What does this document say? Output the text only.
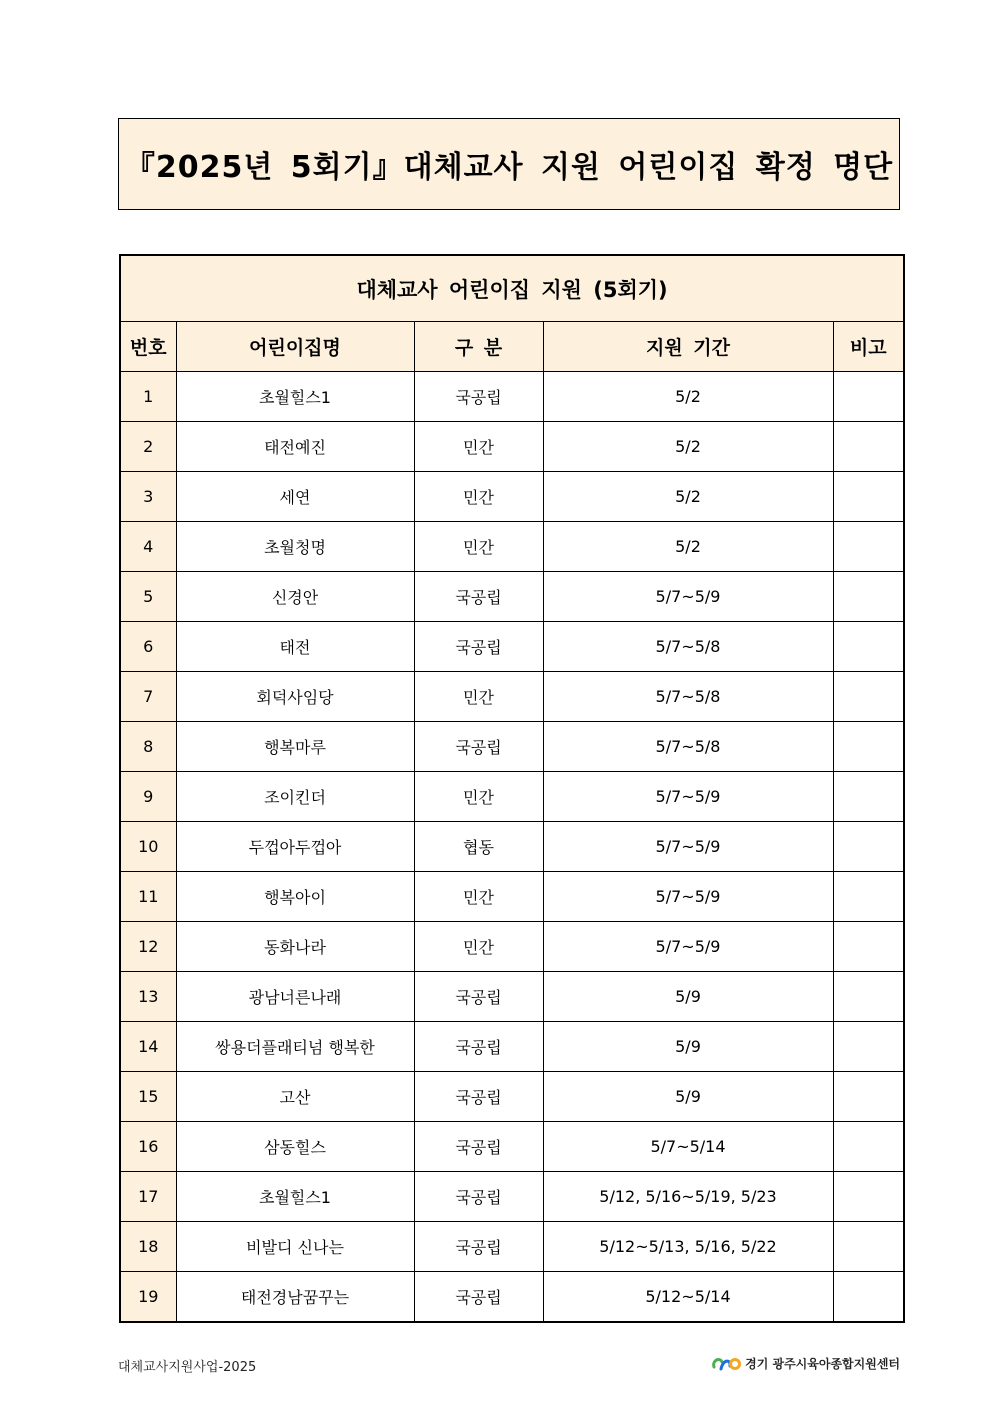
『2025년 5회기』대체교사 지원 어린이집 확정 명단
대체교사 어린이집 지원 (5회기)				
번호	어린이집명	구 분	지원 기간	비고
1	초월힐스1	국공립	5/2	
2	태전예진	민간	5/2	
3	세연	민간	5/2	
4	초월청명	민간	5/2	
5	신경안	국공립	5/7~5/9	
6	태전	국공립	5/7~5/8	
7	회덕사임당	민간	5/7~5/8	
8	행복마루	국공립	5/7~5/8	
9	조이킨더	민간	5/7~5/9	
10	두껍아두껍아	협동	5/7~5/9	
11	행복아이	민간	5/7~5/9	
12	동화나라	민간	5/7~5/9	
13	광남너른나래	국공립	5/9	
14	쌍용더플래티넘 행복한	국공립	5/9	
15	고산	국공립	5/9	
16	삼동힐스	국공립	5/7~5/14	
17	초월힐스1	국공립	5/12, 5/16~5/19, 5/23	
18	비발디 신나는	국공립	5/12~5/13, 5/16, 5/22	
19	태전경남꿈꾸는	국공립	5/12~5/14	
대체교사지원사업-2025	경기 광주시육아종합지원센터
